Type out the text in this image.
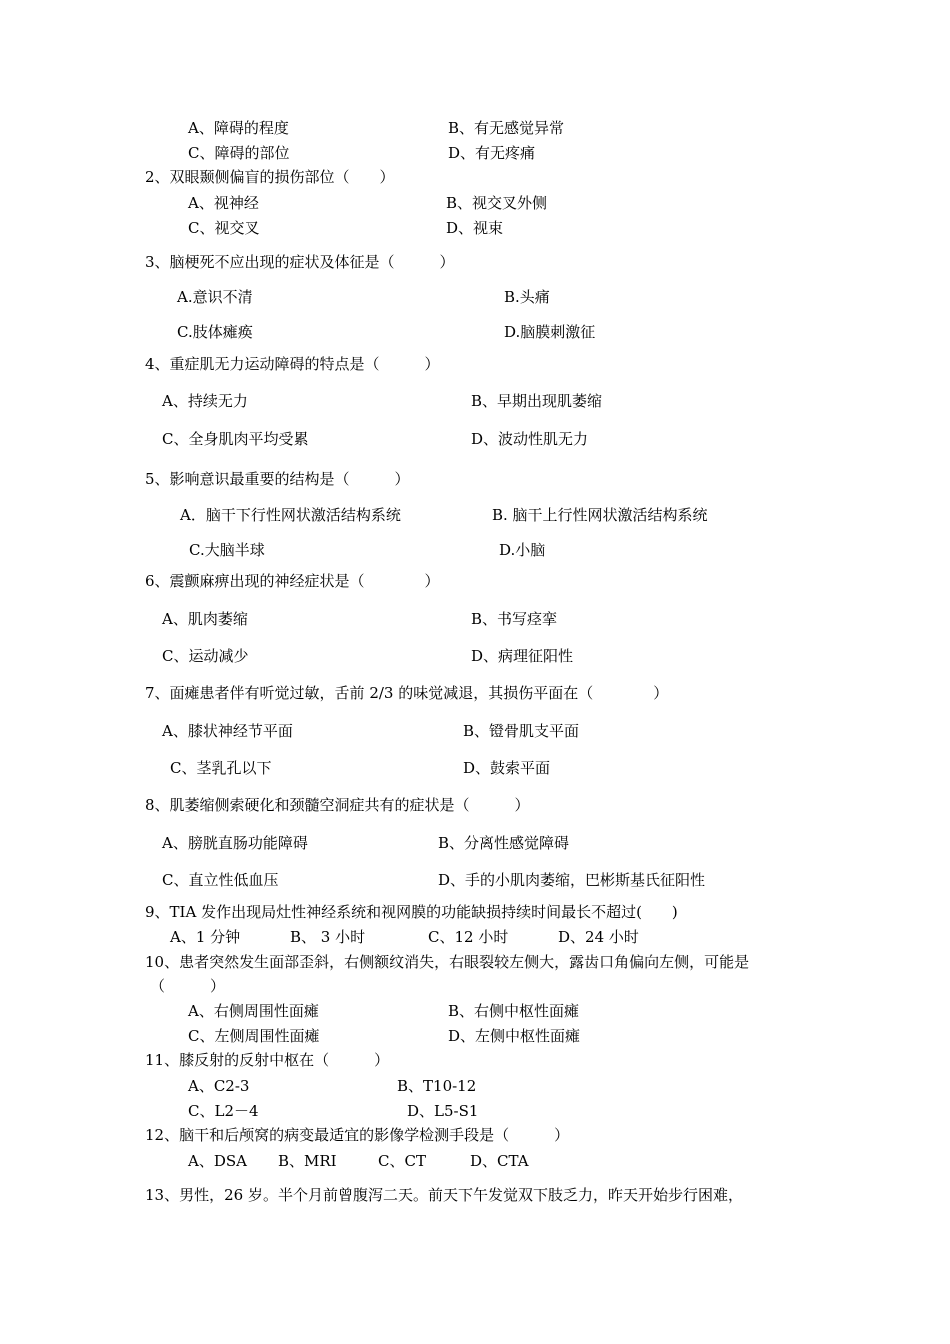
A、障碍的程度	B、有无感觉异常
C、障碍的部位	D、有无疼痛
2、双眼颞侧偏盲的损伤部位（　　）
A、视神经	B、视交叉外侧
C、视交叉	D、视束
3、脑梗死不应出现的症状及体征是（　　　）
A.意识不清	B.头痛
C.肢体瘫痪	D.脑膜刺激征
4、重症肌无力运动障碍的特点是（　　　）
A、持续无力	B、早期出现肌萎缩
C、全身肌肉平均受累	D、波动性肌无力
5、影响意识最重要的结构是（　　　）
A．脑干下行性网状激活结构系统	B. 脑干上行性网状激活结构系统
C.大脑半球	D.小脑
6、震颤麻痹出现的神经症状是（　　　　）
A、肌肉萎缩	B、书写痉挛
C、运动减少	D、病理征阳性
7、面瘫患者伴有听觉过敏，舌前 2/3 的味觉减退，其损伤平面在（　　　　）
A、膝状神经节平面	B、镫骨肌支平面
C、茎乳孔以下	D、鼓索平面
8、肌萎缩侧索硬化和颈髓空洞症共有的症状是（　　　）
A、膀胱直肠功能障碍	B、分离性感觉障碍
C、直立性低血压	D、手的小肌肉萎缩，巴彬斯基氏征阳性
9、TIA 发作出现局灶性神经系统和视网膜的功能缺损持续时间最长不超过(　　)
A、1 分钟	B、 3 小时	C、12 小时	D、24 小时
10、患者突然发生面部歪斜，右侧额纹消失，右眼裂较左侧大，露齿口角偏向左侧，可能是
（　　　）
A、右侧周围性面瘫	B、右侧中枢性面瘫
C、左侧周围性面瘫	D、左侧中枢性面瘫
11、膝反射的反射中枢在（　　　）
A、C2-3	B、T10-12
C、L2－4	D、L5-S1
12、脑干和后颅窝的病变最适宜的影像学检测手段是（　　　）
A、DSA B、MRI	C、CT	D、CTA
13、男性，26 岁。半个月前曾腹泻二天。前天下午发觉双下肢乏力，昨天开始步行困难，
